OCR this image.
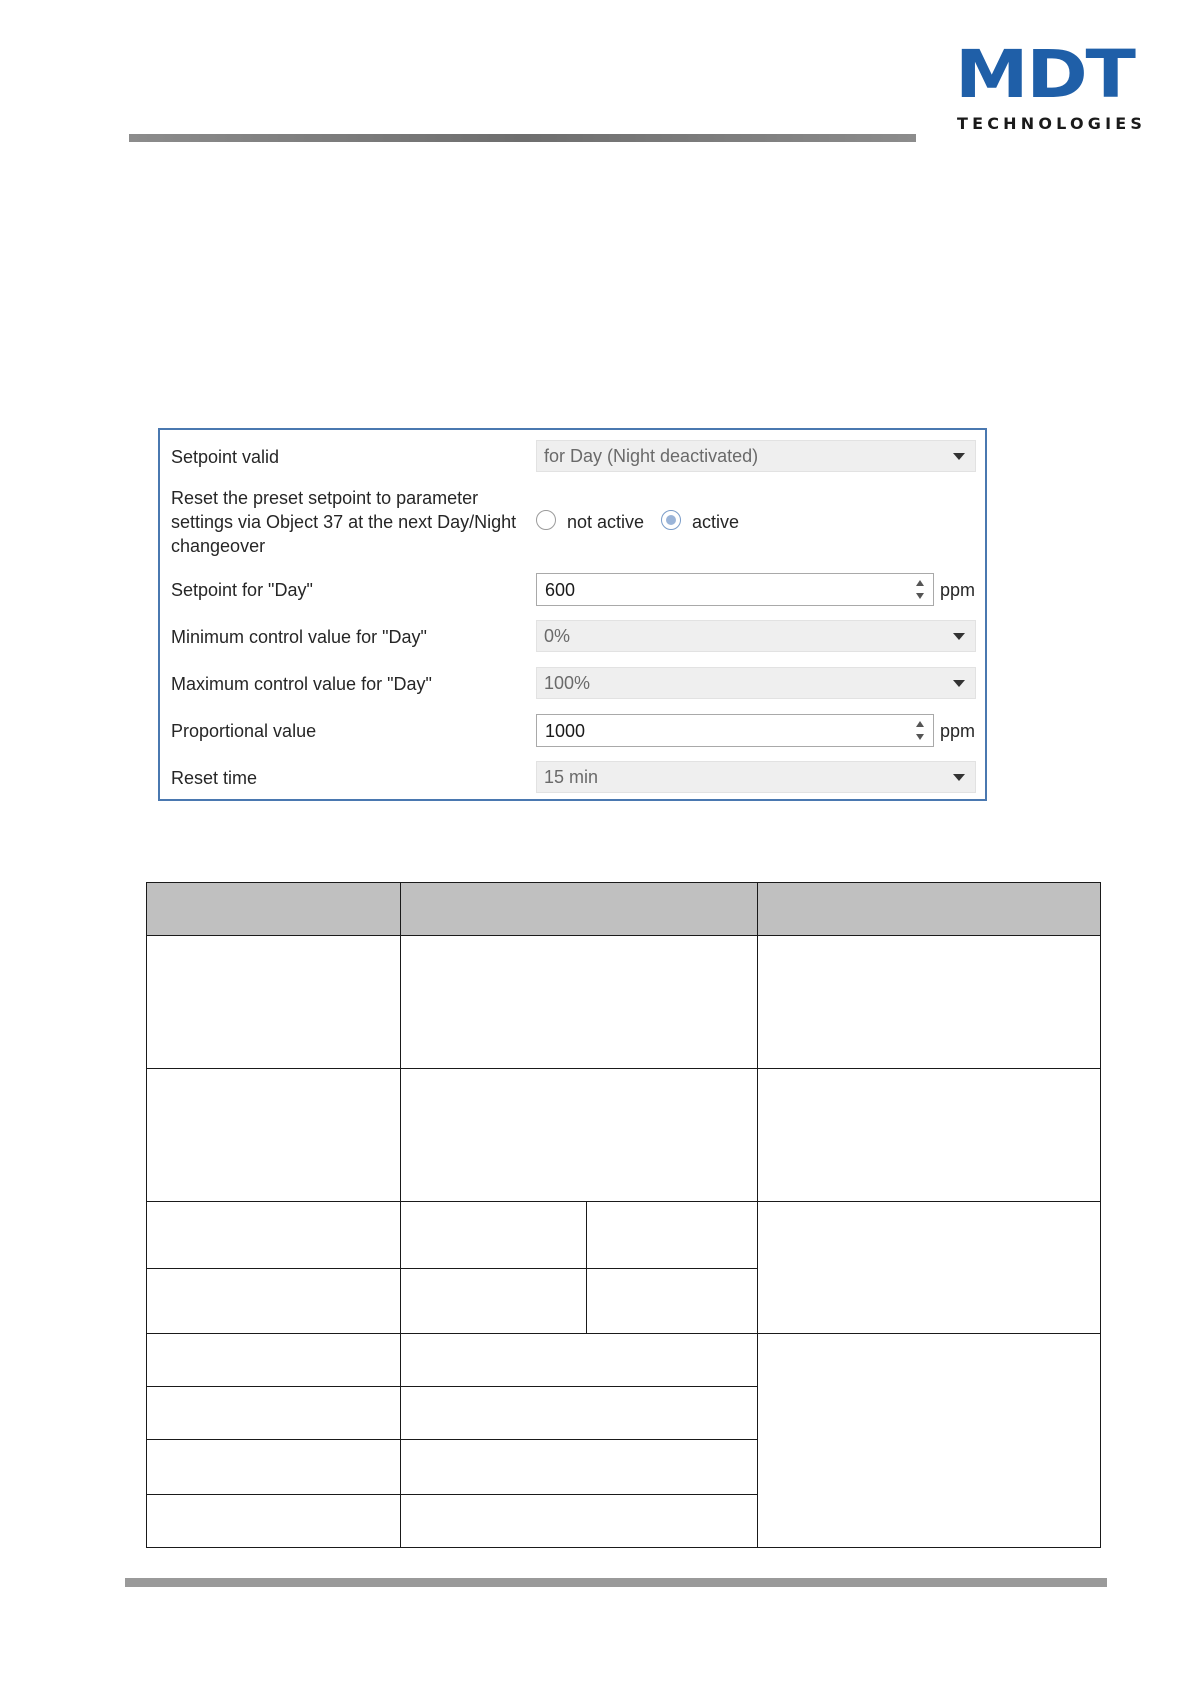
MDT
TECHNOLOGIES
Setpoint valid	for Day (Night deactivated)
Reset the preset setpoint to parameter
settings via Object 37 at the next Day/Night
changeover
not active	active
Setpoint for "Day"	600	ppm
Minimum control value for "Day"	0%
Maximum control value for "Day"	100%
Proportional value	1000	ppm
Reset time	15 min
